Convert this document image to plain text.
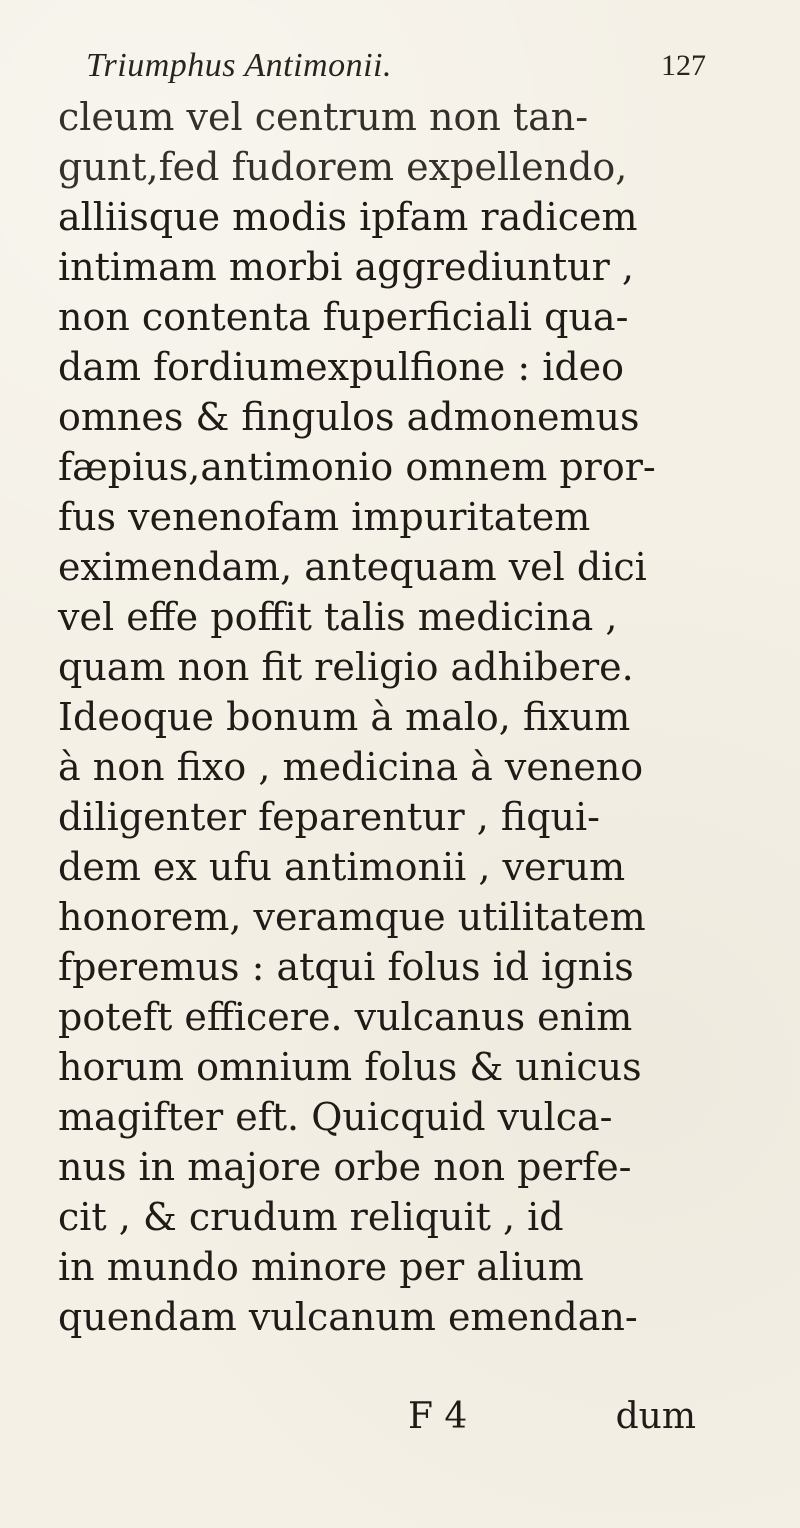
Triumphus Antimonii.	127
cleum vel centrum non tan-
gunt,fed fudorem expellendo,
alliisque modis ipfam radicem
intimam morbi aggrediuntur ,
non contenta fuperficiali qua-
dam fordiumexpulfione : ideo
omnes & fingulos admonemus
fæpius,antimonio omnem pror-
fus venenofam impuritatem
eximendam, antequam vel dici
vel effe poffit talis medicina ,
quam non fit religio adhibere.
Ideoque bonum à malo, fixum
à non fixo , medicina à veneno
diligenter feparentur , fiqui-
dem ex ufu antimonii , verum
honorem, veramque utilitatem
fperemus : atqui folus id ignis
poteft efficere. vulcanus enim
horum omnium folus & unicus
magifter eft. Quicquid vulca-
nus in majore orbe non perfe-
cit , & crudum reliquit , id
in mundo minore per alium
quendam vulcanum emendan-
F 4	dum
